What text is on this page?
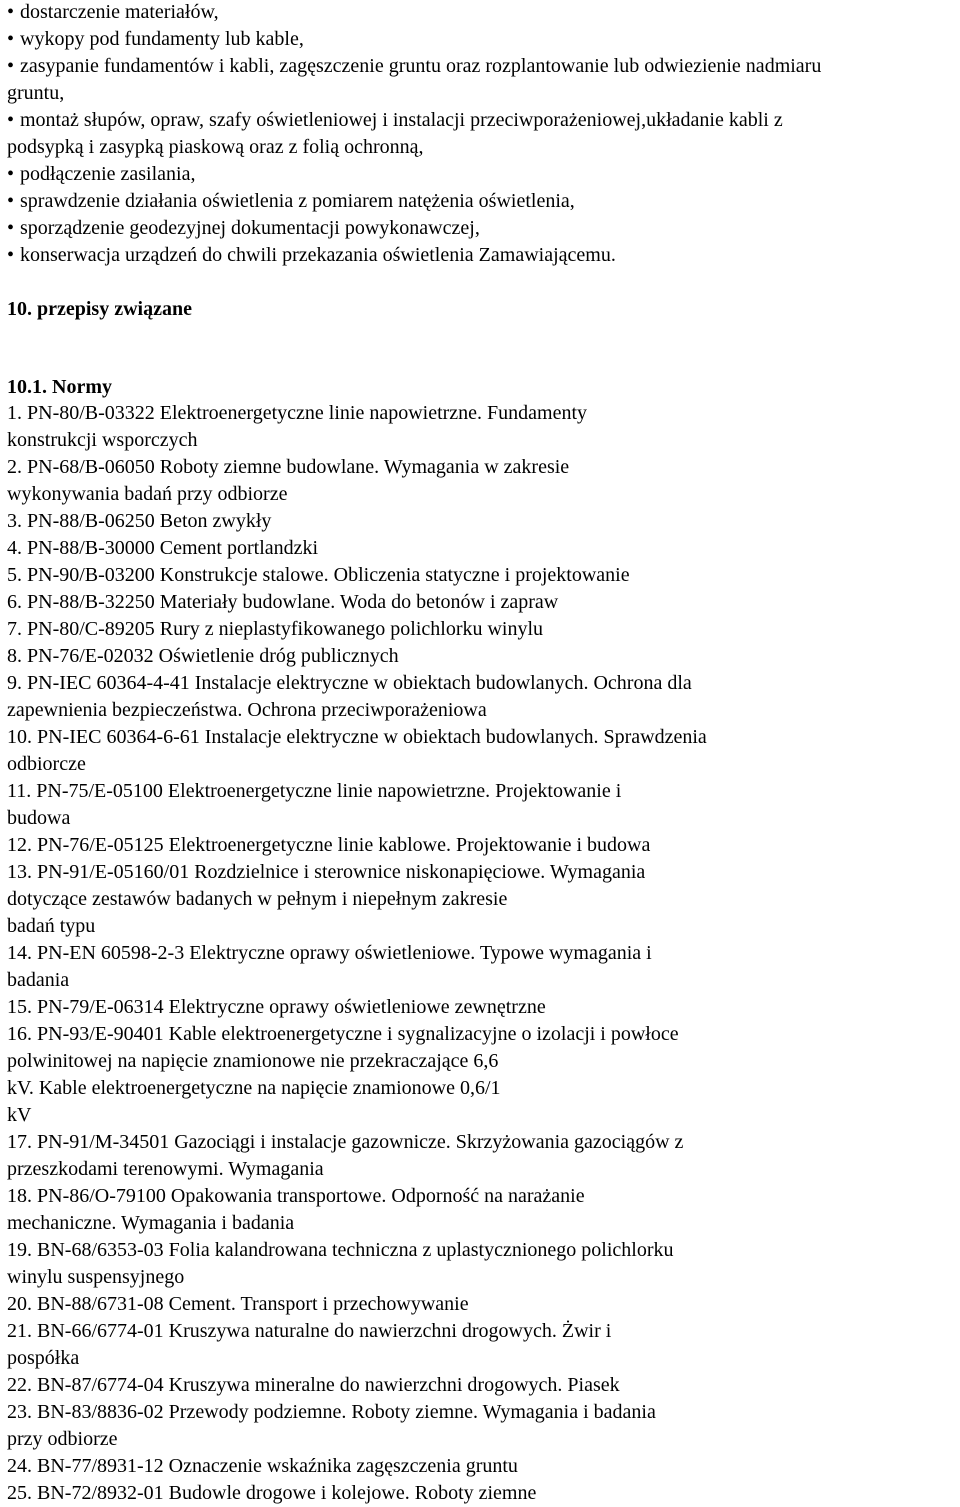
• dostarczenie materiałów,
• wykopy pod fundamenty lub kable,
• zasypanie fundamentów i kabli, zagęszczenie gruntu oraz rozplantowanie lub odwiezienie nadmiaru
gruntu,
• montaż słupów, opraw, szafy oświetleniowej i instalacji przeciwporażeniowej,układanie kabli z
podsypką i zasypką piaskową oraz z folią ochronną,
• podłączenie zasilania,
• sprawdzenie działania oświetlenia z pomiarem natężenia oświetlenia,
• sporządzenie geodezyjnej dokumentacji powykonawczej,
• konserwacja urządzeń do chwili przekazania oświetlenia Zamawiającemu.
10. przepisy związane
10.1. Normy
1. PN-80/B-03322 Elektroenergetyczne linie napowietrzne. Fundamenty
konstrukcji wsporczych
2. PN-68/B-06050 Roboty ziemne budowlane. Wymagania w zakresie
wykonywania badań przy odbiorze
3. PN-88/B-06250 Beton zwykły
4. PN-88/B-30000 Cement portlandzki
5. PN-90/B-03200 Konstrukcje stalowe. Obliczenia statyczne i projektowanie
6. PN-88/B-32250 Materiały budowlane. Woda do betonów i zapraw
7. PN-80/C-89205 Rury z nieplastyfikowanego polichlorku winylu
8. PN-76/E-02032 Oświetlenie dróg publicznych
9. PN-IEC 60364-4-41 Instalacje elektryczne w obiektach budowlanych. Ochrona dla
zapewnienia bezpieczeństwa. Ochrona przeciwporażeniowa
10. PN-IEC 60364-6-61 Instalacje elektryczne w obiektach budowlanych. Sprawdzenia
odbiorcze
11. PN-75/E-05100 Elektroenergetyczne linie napowietrzne. Projektowanie i
budowa
12. PN-76/E-05125 Elektroenergetyczne linie kablowe. Projektowanie i budowa
13. PN-91/E-05160/01 Rozdzielnice i sterownice niskonapięciowe. Wymagania
dotyczące zestawów badanych w pełnym i niepełnym zakresie
badań typu
14. PN-EN 60598-2-3 Elektryczne oprawy oświetleniowe. Typowe wymagania i
badania
15. PN-79/E-06314 Elektryczne oprawy oświetleniowe zewnętrzne
16. PN-93/E-90401 Kable elektroenergetyczne i sygnalizacyjne o izolacji i powłoce
polwinitowej na napięcie znamionowe nie przekraczające 6,6
kV. Kable elektroenergetyczne na napięcie znamionowe 0,6/1
kV
17. PN-91/M-34501 Gazociągi i instalacje gazownicze. Skrzyżowania gazociągów z
przeszkodami terenowymi. Wymagania
18. PN-86/O-79100 Opakowania transportowe. Odporność na narażanie
mechaniczne. Wymagania i badania
19. BN-68/6353-03 Folia kalandrowana techniczna z uplastycznionego polichlorku
winylu suspensyjnego
20. BN-88/6731-08 Cement. Transport i przechowywanie
21. BN-66/6774-01 Kruszywa naturalne do nawierzchni drogowych. Żwir i
pospółka
22. BN-87/6774-04 Kruszywa mineralne do nawierzchni drogowych. Piasek
23. BN-83/8836-02 Przewody podziemne. Roboty ziemne. Wymagania i badania
przy odbiorze
24. BN-77/8931-12 Oznaczenie wskaźnika zagęszczenia gruntu
25. BN-72/8932-01 Budowle drogowe i kolejowe. Roboty ziemne
